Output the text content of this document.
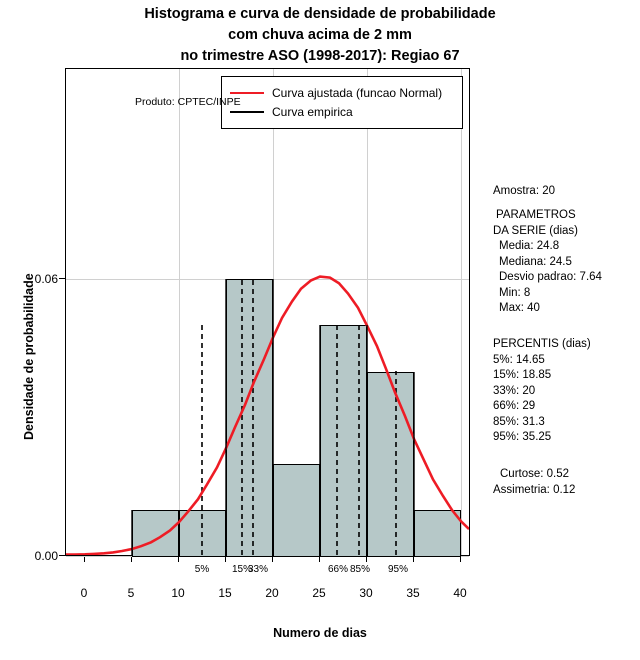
Histograma e curva de densidade de probabilidade
com chuva acima de 2 mm
no trimestre ASO (1998-2017): Regiao 67
Densidade de probabilidade
Numero de dias
0.00
0.06
0	5	10	15	20	25	30	35	40
Curva ajustada (funcao Normal)
Curva empirica
Produto: CPTEC/INPE
5% 15%
33%	66% 85% 95%
Amostra: 20
PARAMETROS
DA SERIE (dias)
Media: 24.8
Mediana: 24.5
Desvio padrao: 7.64
Min: 8
Max: 40
PERCENTIS (dias)
5%: 14.65
15%: 18.85
33%: 20
66%: 29
85%: 31.3
95%: 35.25
Curtose: 0.52
Assimetria: 0.12
